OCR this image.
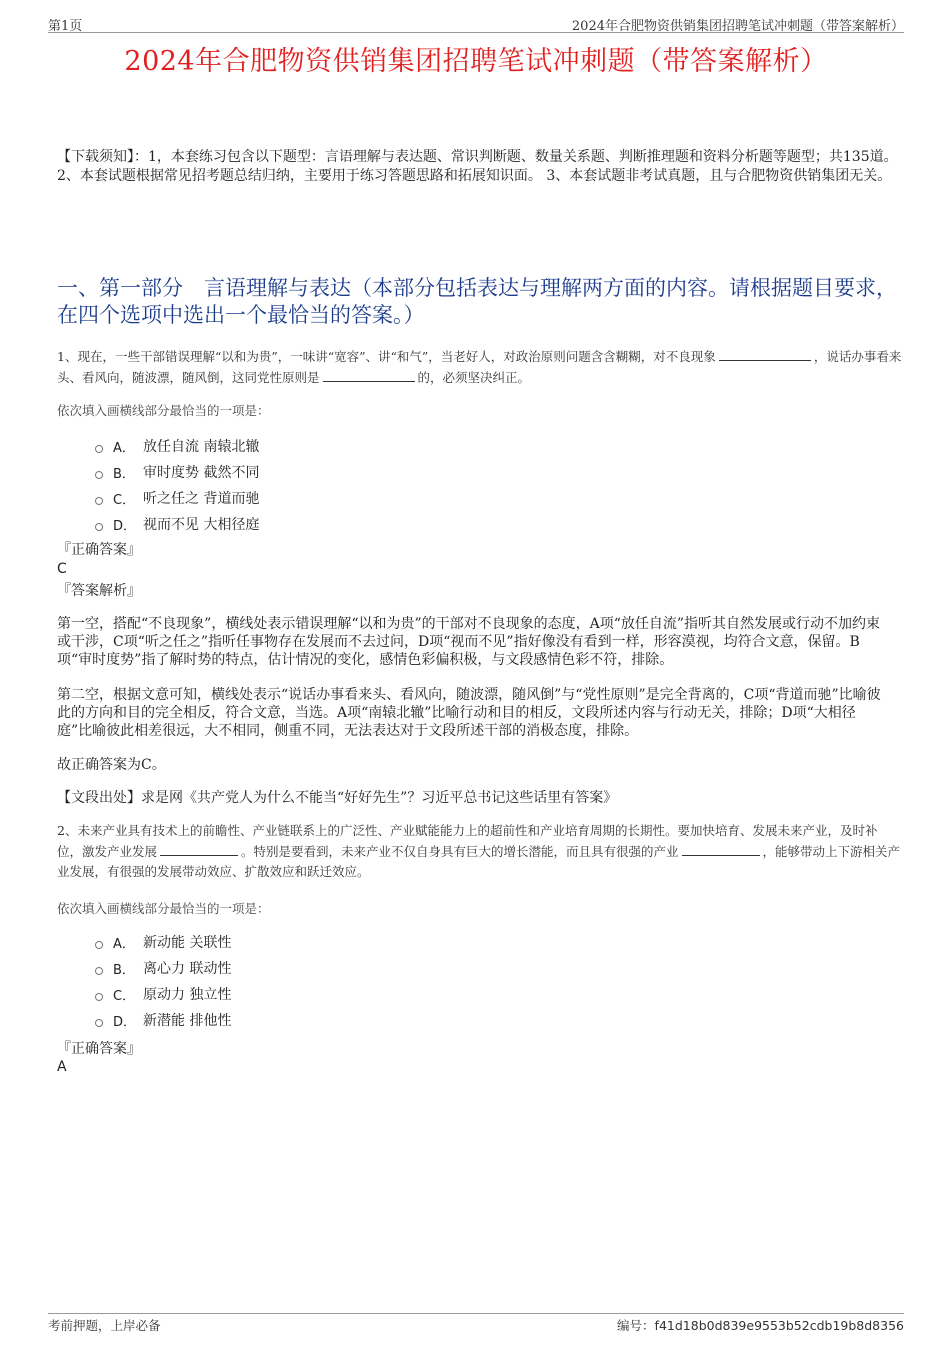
第1页	2024年合肥物资供销集团招聘笔试冲刺题（带答案解析）
2024年合肥物资供销集团招聘笔试冲刺题（带答案解析）
【下载须知】：1，本套练习包含以下题型：言语理解与表达题、常识判断题、数量关系题、判断推理题和资料分析题等题型；共135道。 2、本套试题根据常见招考题总结归纳，主要用于练习答题思路和拓展知识面。 3、本套试题非考试真题，且与合肥物资供销集团无关。
一、第一部分　言语理解与表达（本部分包括表达与理解两方面的内容。请根据题目要求，在四个选项中选出一个最恰当的答案。）
1、现在，一些干部错误理解“以和为贵”，一味讲“宽容”、讲“和气”，当老好人，对政治原则问题含含糊糊，对不良现象	，说话办事看来头、看风向，随波漂，随风倒，这同党性原则是	的，必须坚决纠正。
依次填入画横线部分最恰当的一项是：
A． 放任自流 南辕北辙
B． 审时度势 截然不同
C． 听之任之 背道而驰
D． 视而不见 大相径庭
『正确答案』
C
『答案解析』
第一空，搭配“不良现象”，横线处表示错误理解“以和为贵”的干部对不良现象的态度，A项“放任自流”指听其自然发展或行动不加约束或干涉，C项“听之任之”指听任事物存在发展而不去过问，D项“视而不见”指好像没有看到一样，形容漠视，均符合文意，保留。B项“审时度势”指了解时势的特点，估计情况的变化，感情色彩偏积极，与文段感情色彩不符，排除。
第二空，根据文意可知，横线处表示“说话办事看来头、看风向，随波漂，随风倒”与“党性原则”是完全背离的，C项“背道而驰”比喻彼此的方向和目的完全相反，符合文意，当选。A项“南辕北辙”比喻行动和目的相反，文段所述内容与行动无关，排除；D项“大相径庭”比喻彼此相差很远，大不相同，侧重不同，无法表达对于文段所述干部的消极态度，排除。
故正确答案为C。
【文段出处】求是网《共产党人为什么不能当“好好先生”？习近平总书记这些话里有答案》
2、未来产业具有技术上的前瞻性、产业链联系上的广泛性、产业赋能能力上的超前性和产业培育周期的长期性。要加快培育、发展未来产业，及时补位，激发产业发展	。特别是要看到，未来产业不仅自身具有巨大的增长潜能，而且具有很强的产业	，能够带动上下游相关产业发展，有很强的发展带动效应、扩散效应和跃迁效应。
依次填入画横线部分最恰当的一项是：
A． 新动能 关联性
B． 离心力 联动性
C． 原动力 独立性
D． 新潜能 排他性
『正确答案』
A
考前押题，上岸必备	编号：f41d18b0d839e9553b52cdb19b8d8356
